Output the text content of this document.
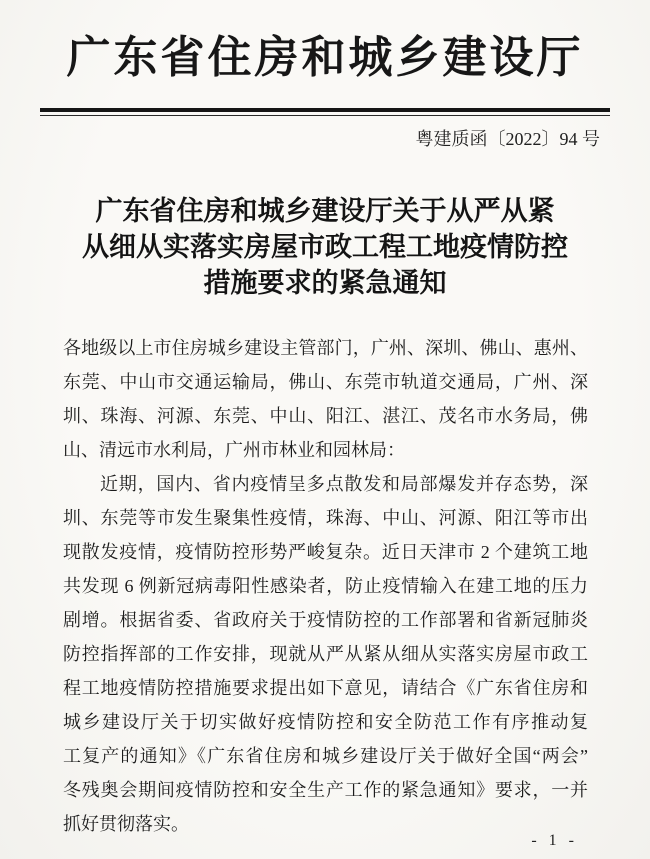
广东省住房和城乡建设厅
粤建质函〔2022〕94 号
广东省住房和城乡建设厅关于从严从紧
从细从实落实房屋市政工程工地疫情防控
措施要求的紧急通知
各地级以上市住房城乡建设主管部门，广州、深圳、佛山、惠州、
东莞、中山市交通运输局，佛山、东莞市轨道交通局，广州、深
圳、珠海、河源、东莞、中山、阳江、湛江、茂名市水务局，佛
山、清远市水利局，广州市林业和园林局：
近期，国内、省内疫情呈多点散发和局部爆发并存态势，深
圳、东莞等市发生聚集性疫情，珠海、中山、河源、阳江等市出
现散发疫情，疫情防控形势严峻复杂。近日天津市 2 个建筑工地
共发现 6 例新冠病毒阳性感染者，防止疫情输入在建工地的压力
剧增。根据省委、省政府关于疫情防控的工作部署和省新冠肺炎
防控指挥部的工作安排，现就从严从紧从细从实落实房屋市政工
程工地疫情防控措施要求提出如下意见，请结合《广东省住房和
城乡建设厅关于切实做好疫情防控和安全防范工作有序推动复
工复产的通知》《广东省住房和城乡建设厅关于做好全国“两会”
冬残奥会期间疫情防控和安全生产工作的紧急通知》要求，一并
抓好贯彻落实。
- 1 -
